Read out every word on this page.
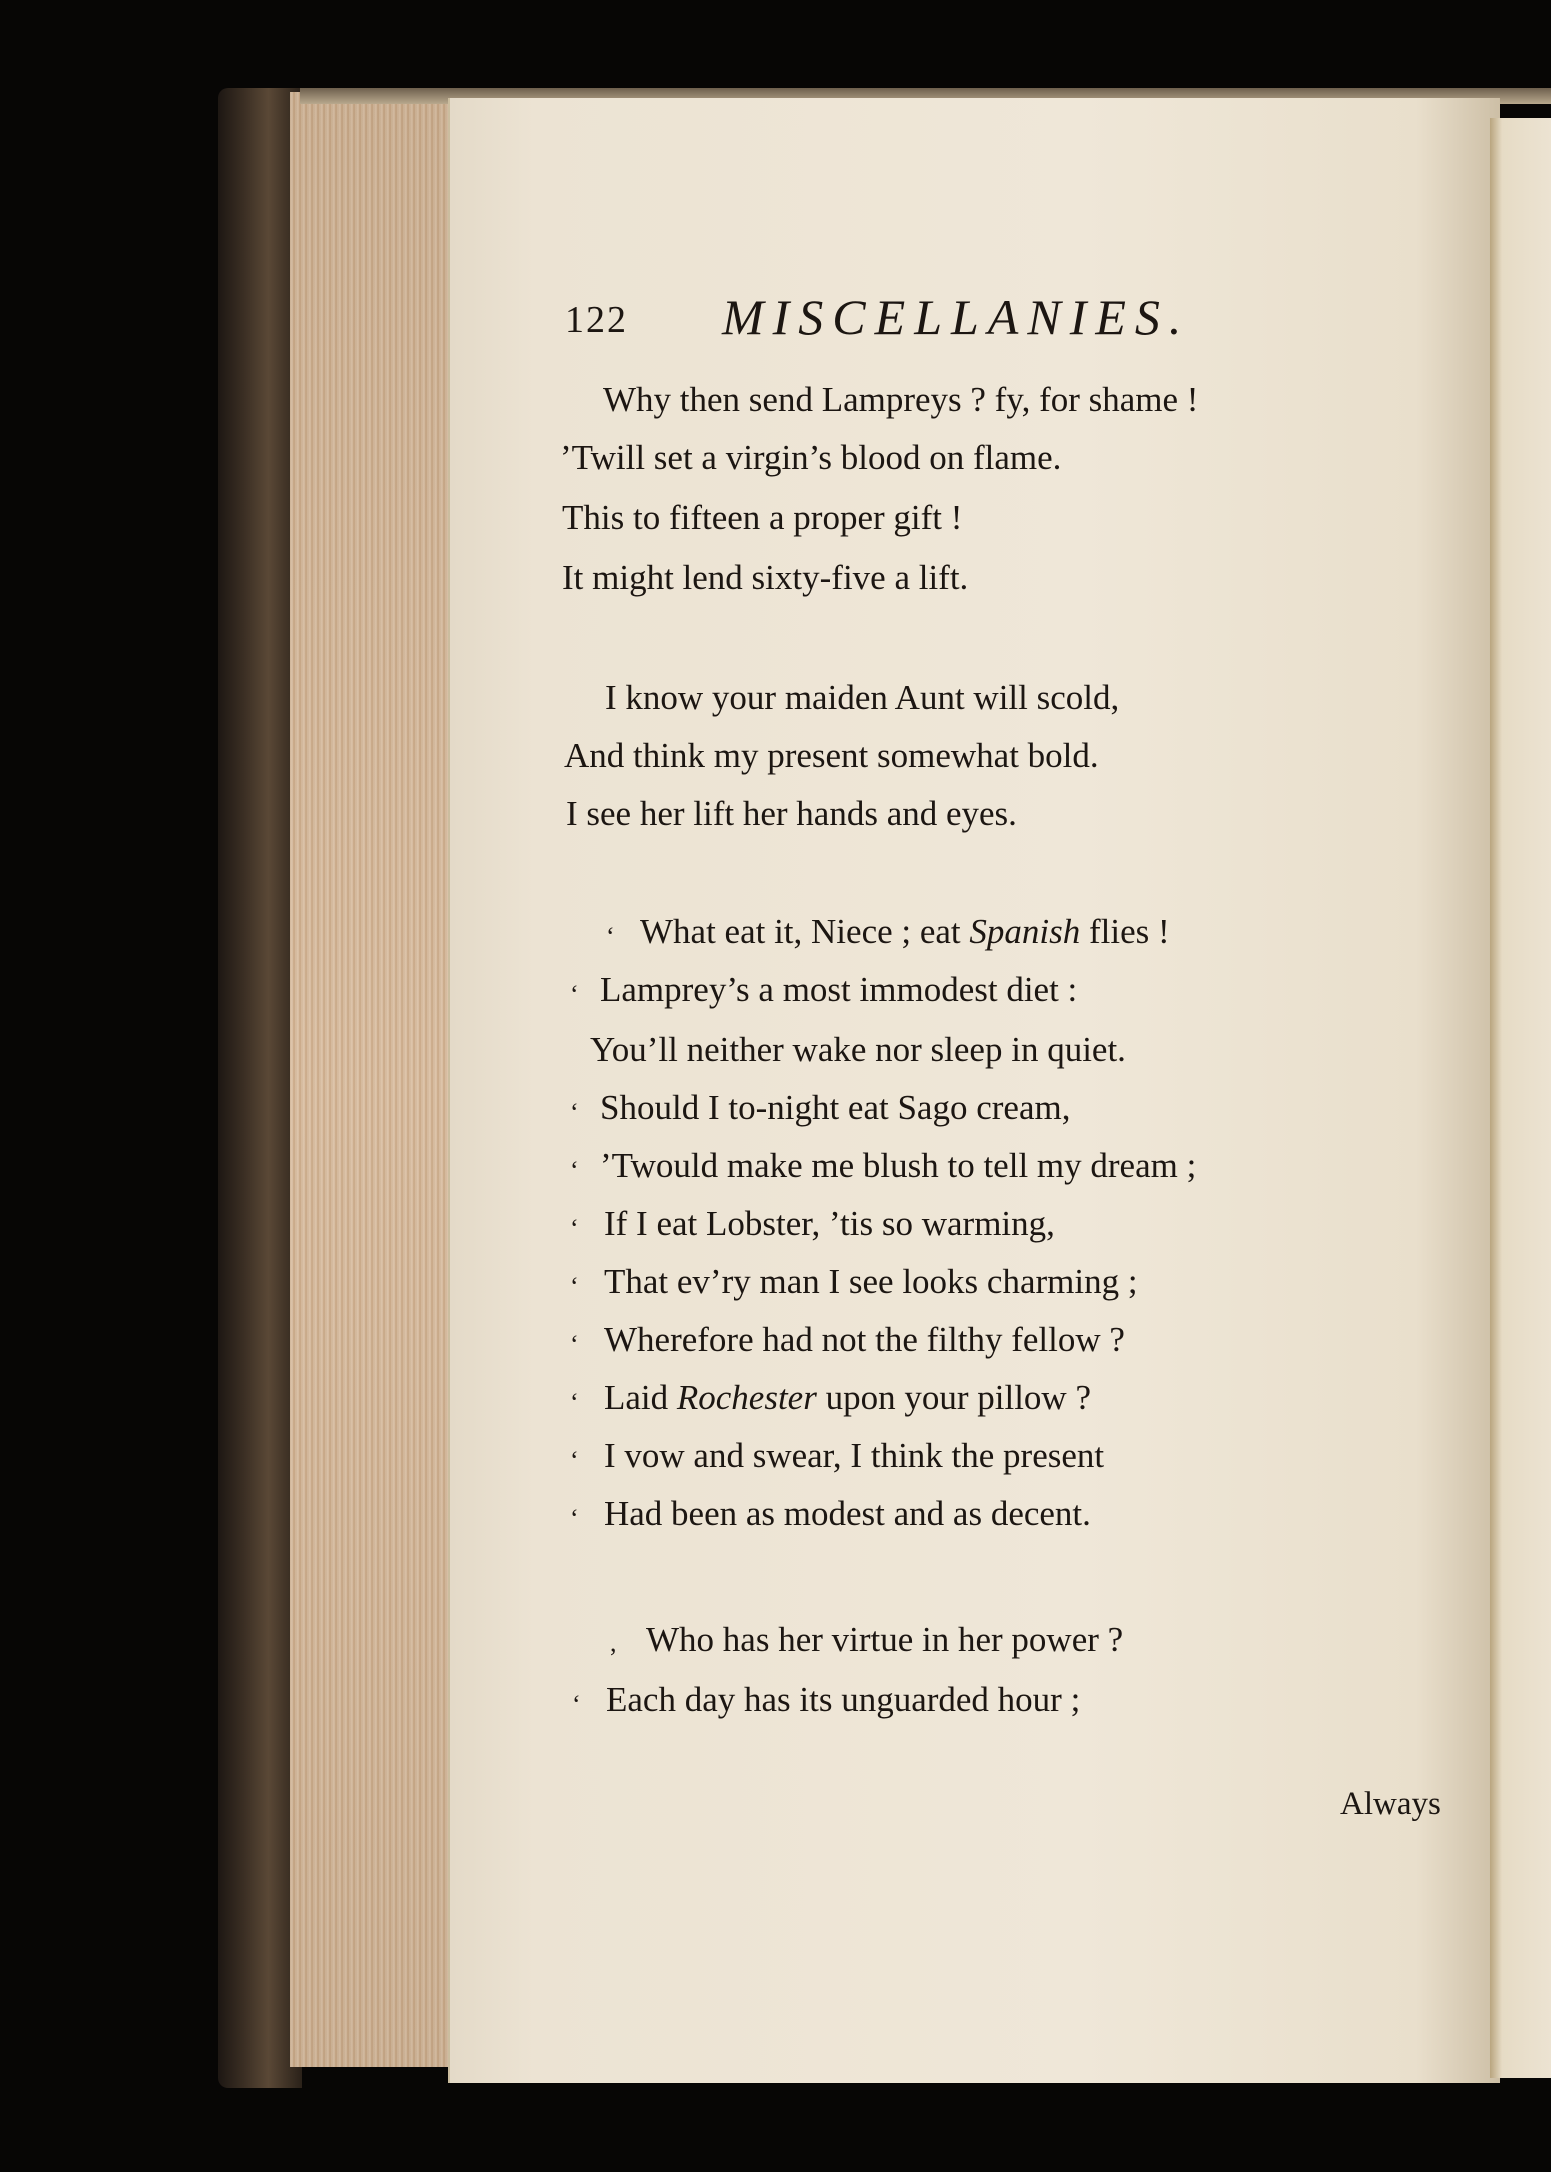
122 MISCELLANIES.
Why then send Lampreys ? fy, for shame !
’Twill set a virgin’s blood on flame.
This to fifteen a proper gift !
It might lend sixty-five a lift.
I know your maiden Aunt will scold,
And think my present somewhat bold.
I see her lift her hands and eyes.
‘ What eat it, Niece ; eat Spanish flies !
‘ Lamprey’s a most immodest diet :
You’ll neither wake nor sleep in quiet.
‘ Should I to-night eat Sago cream,
‘ ’Twould make me blush to tell my dream ;
‘ If I eat Lobster, ’tis so warming,
‘ That ev’ry man I see looks charming ;
‘ Wherefore had not the filthy fellow ?
‘ Laid Rochester upon your pillow ?
‘ I vow and swear, I think the present
‘ Had been as modest and as decent.
, Who has her virtue in her power ?
‘ Each day has its unguarded hour ;
Always
